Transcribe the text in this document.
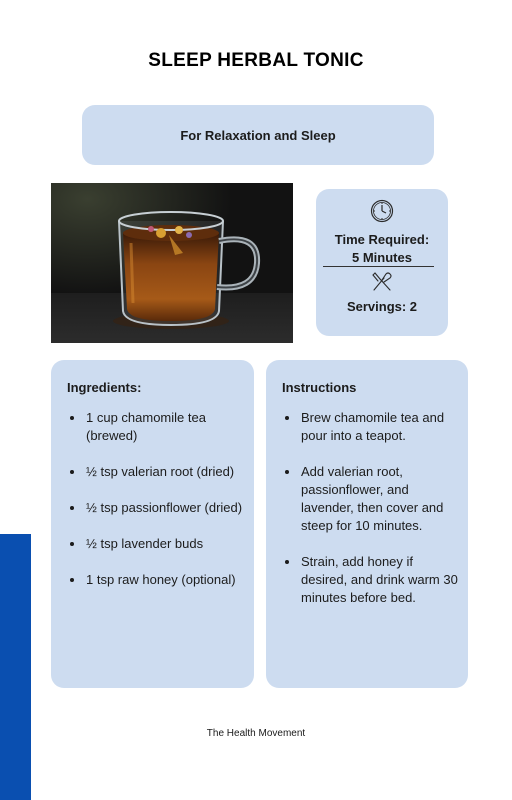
SLEEP HERBAL TONIC
For Relaxation and Sleep
Time Required:
5 Minutes
Servings: 2
Ingredients:
1 cup chamomile tea (brewed)
½ tsp valerian root (dried)
½ tsp passionflower (dried)
½ tsp lavender buds
1 tsp raw honey (optional)
Instructions
Brew chamomile tea and pour into a teapot.
Add valerian root, passionflower, and lavender, then cover and steep for 10 minutes.
Strain, add honey if desired, and drink warm 30 minutes before bed.
The Health Movement
